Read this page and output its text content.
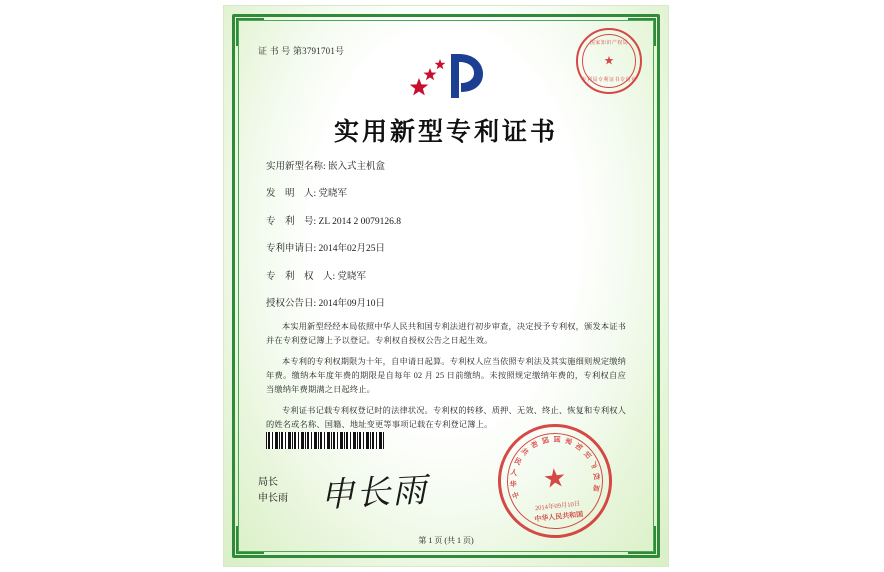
证 书 号 第3791701号
实用新型专利证书
实用新型名称: 嵌入式主机盒
发　明　人: 党晓军
专　利　号: ZL 2014 2 0079126.8
专利申请日: 2014年02月25日
专　利　权　人: 党晓军
授权公告日: 2014年09月10日
本实用新型经经本局依照中华人民共和国专利法进行初步审查，决定授予专利权，颁发本证书并在专利登记簿上予以登记。专利权自授权公告之日起生效。
本专利的专利权期限为十年，自申请日起算。专利权人应当依照专利法及其实施细则规定缴纳年费。缴纳本年度年费的期限是自每年 02 月 25 日前缴纳。未按照规定缴纳年费的，专利权自应当缴纳年费期满之日起终止。
专利证书记载专利权登记时的法律状况。专利权的转移、质押、无效、终止、恢复和专利权人的姓名或名称、国籍、地址变更等事项记载在专利登记簿上。
局长
申长雨 申长雨
国家知识产权局
专利局专利证书专用章
★
中
华
人
民
共
和 国 国 家
知
识
产
权
局
★
2014年09月10日
中华人民共和国
第 1 页 (共 1 页)
